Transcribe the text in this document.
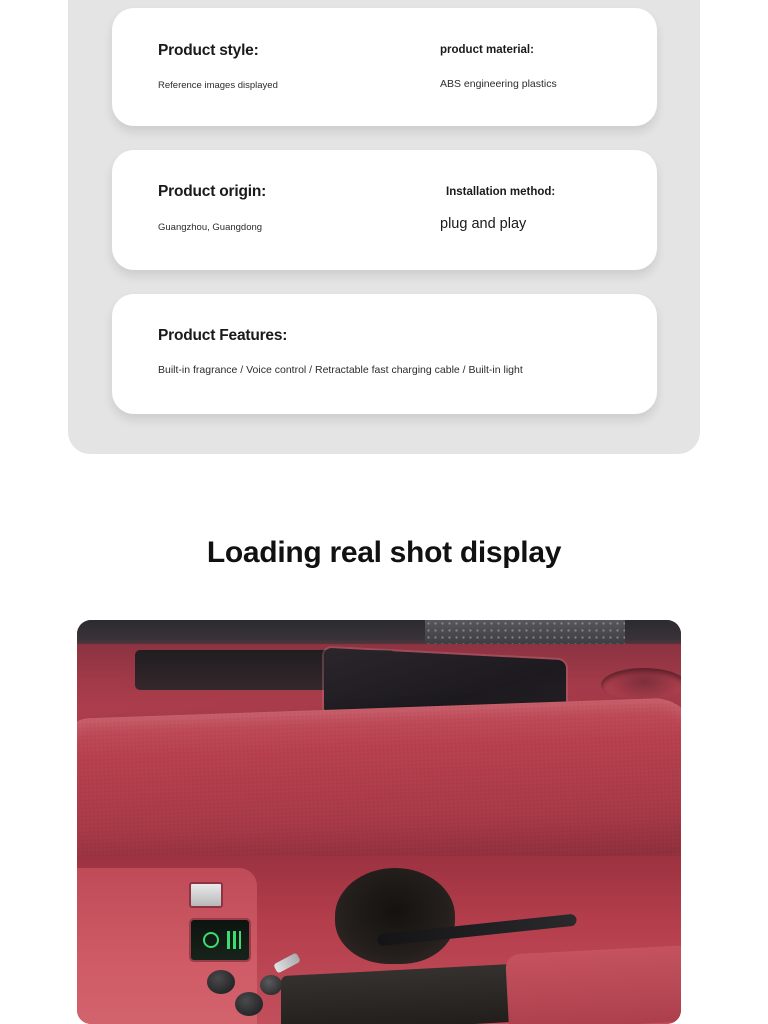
Product style:
Reference images displayed
product material:
ABS engineering plastics
Product origin:
Guangzhou, Guangdong
Installation method:
plug and play
Product Features:
Built-in fragrance / Voice control / Retractable fast charging cable / Built-in light
Loading real shot display
